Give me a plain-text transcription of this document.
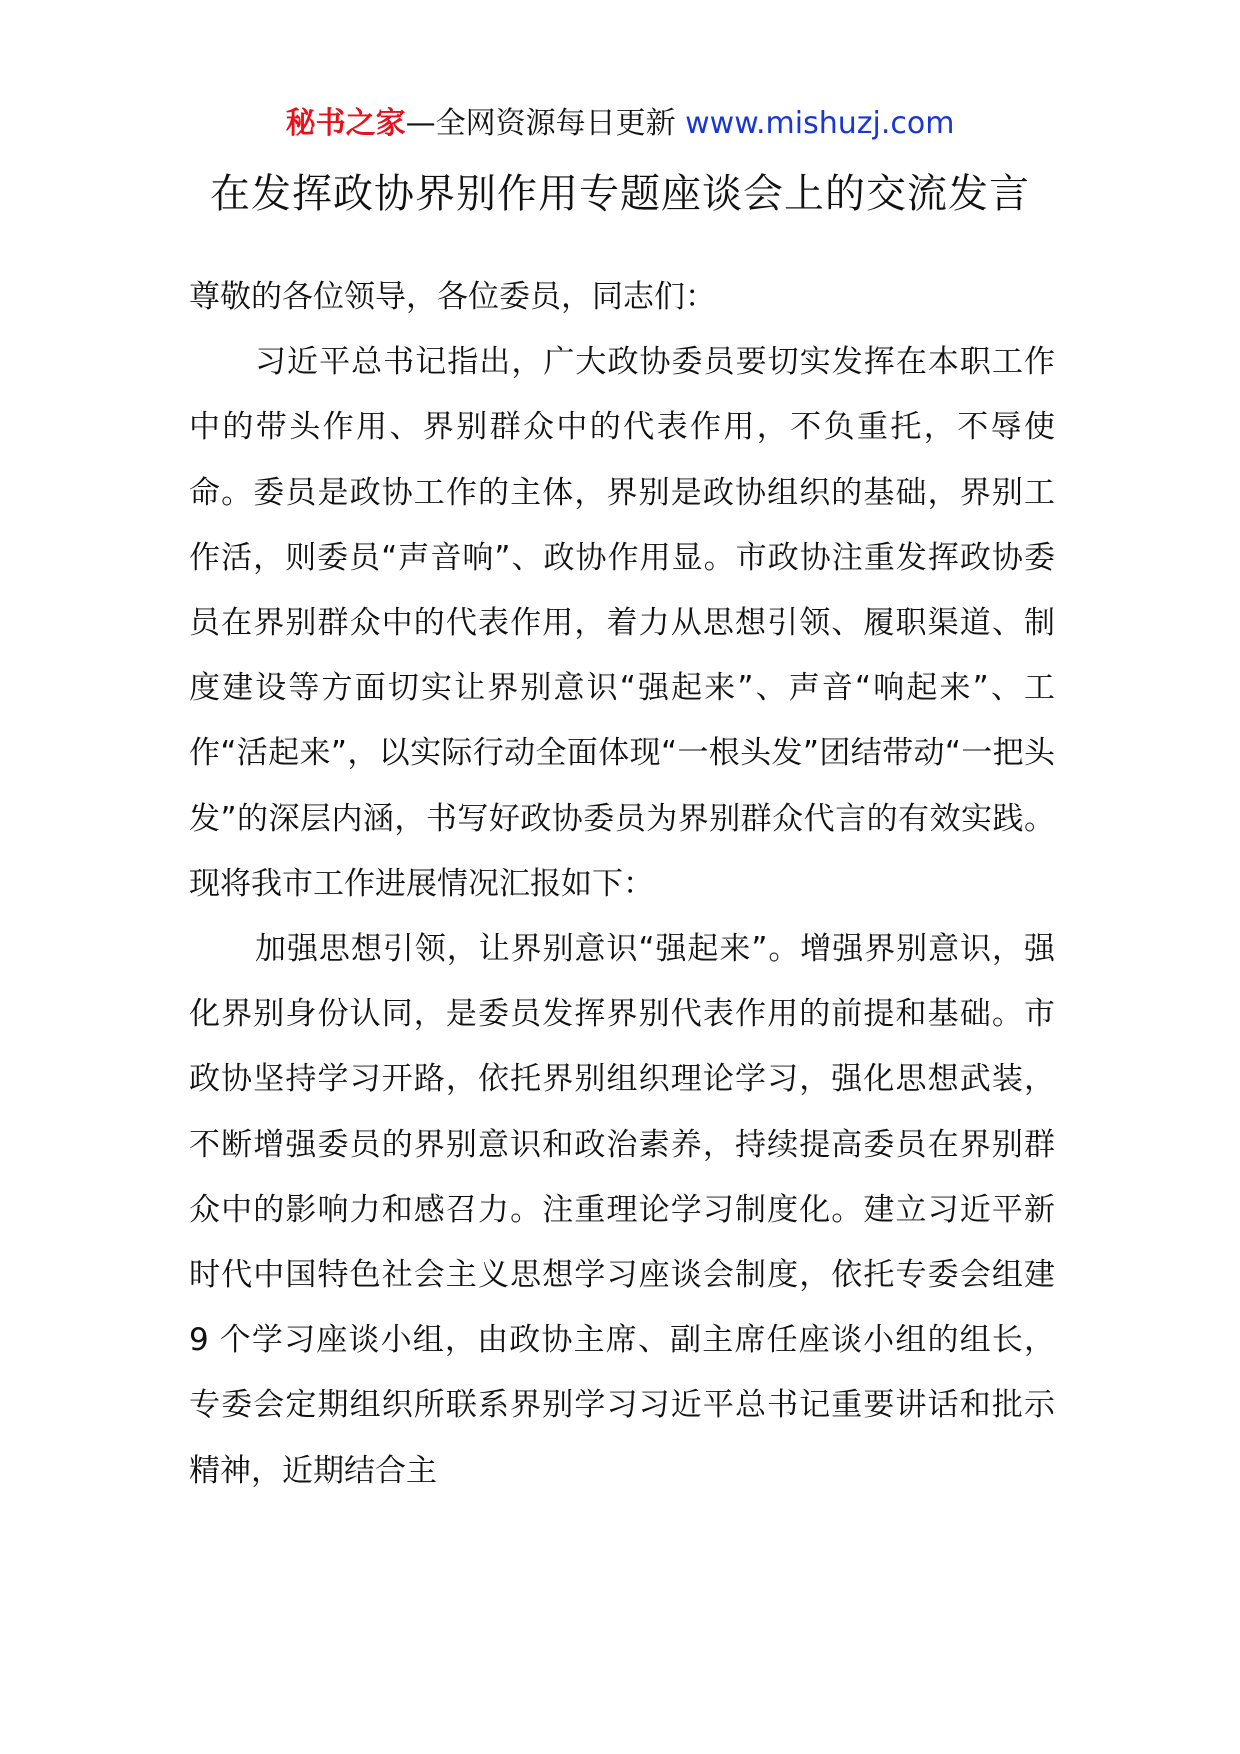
秘书之家—全网资源每日更新 www.mishuzj.com
在发挥政协界别作用专题座谈会上的交流发言

尊敬的各位领导，各位委员，同志们：

习近平总书记指出，广大政协委员要切实发挥在本职工作中的带头作用、界别群众中的代表作用，不负重托，不辱使命。委员是政协工作的主体，界别是政协组织的基础，界别工作活，则委员“声音响”、政协作用显。市政协注重发挥政协委员在界别群众中的代表作用，着力从思想引领、履职渠道、制度建设等方面切实让界别意识“强起来”、声音“响起来”、工作“活起来”，以实际行动全面体现“一根头发”团结带动“一把头发”的深层内涵，书写好政协委员为界别群众代言的有效实践。现将我市工作进展情况汇报如下：

加强思想引领，让界别意识“强起来”。增强界别意识，强化界别身份认同，是委员发挥界别代表作用的前提和基础。市政协坚持学习开路，依托界别组织理论学习，强化思想武装，不断增强委员的界别意识和政治素养，持续提高委员在界别群众中的影响力和感召力。注重理论学习制度化。建立习近平新时代中国特色社会主义思想学习座谈会制度，依托专委会组建 9 个学习座谈小组，由政协主席、副主席任座谈小组的组长，专委会定期组织所联系界别学习习近平总书记重要讲话和批示精神，近期结合主
